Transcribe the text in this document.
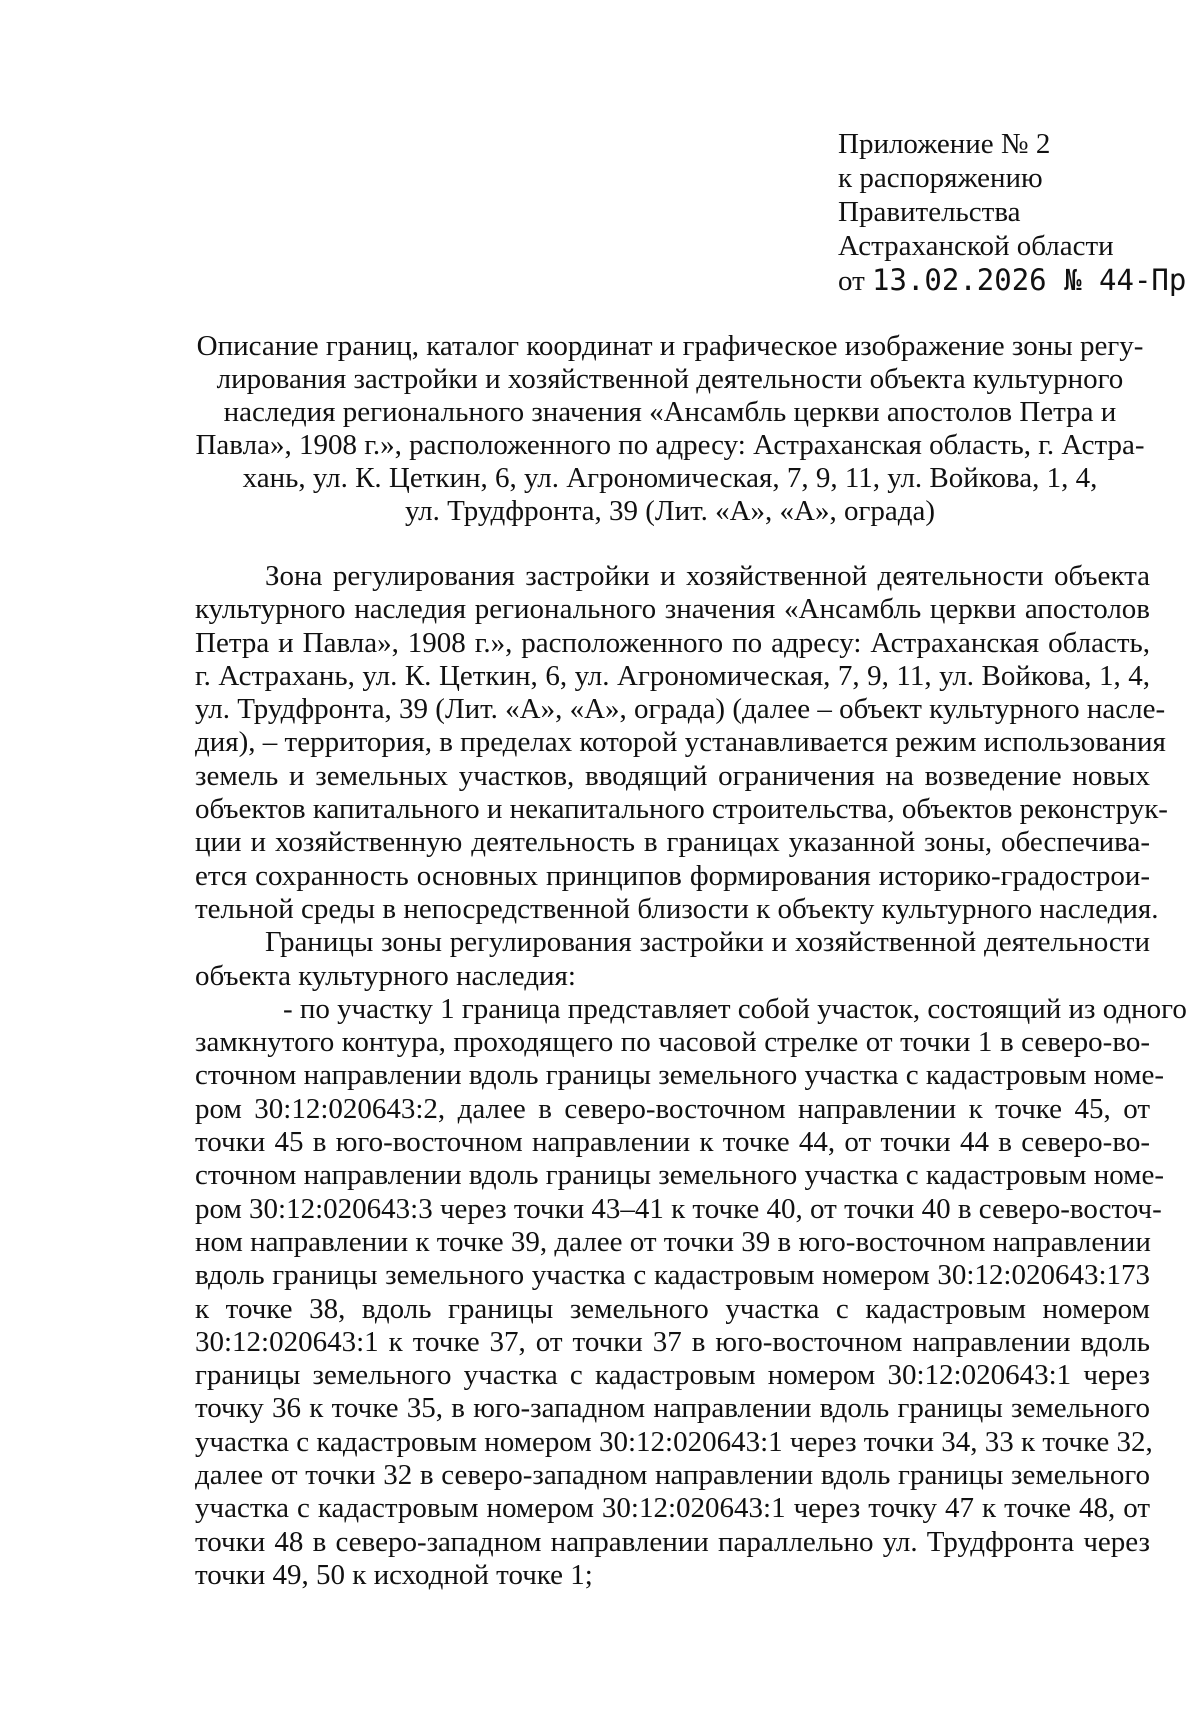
Приложение № 2
к распоряжению
Правительства
Астраханской области
от 13.02.2026 № 44-Пр
Описание границ, каталог координат и графическое изображение зоны регу-
лирования застройки и хозяйственной деятельности объекта культурного
наследия регионального значения «Ансамбль церкви апостолов Петра и
Павла», 1908 г.», расположенного по адресу: Астраханская область, г. Астра-
хань, ул. К. Цеткин, 6, ул. Агрономическая, 7, 9, 11, ул. Войкова, 1, 4,
ул. Трудфронта, 39 (Лит. «А», «А», ограда)
Зона регулирования застройки и хозяйственной деятельности объекта
культурного наследия регионального значения «Ансамбль церкви апостолов
Петра и Павла», 1908 г.», расположенного по адресу: Астраханская область,
г. Астрахань, ул. К. Цеткин, 6, ул. Агрономическая, 7, 9, 11, ул. Войкова, 1, 4,
ул. Трудфронта, 39 (Лит. «А», «А», ограда) (далее – объект культурного насле-
дия), – территория, в пределах которой устанавливается режим использования
земель и земельных участков, вводящий ограничения на возведение новых
объектов капитального и некапитального строительства, объектов реконструк-
ции и хозяйственную деятельность в границах указанной зоны, обеспечива-
ется сохранность основных принципов формирования историко-градострои-
тельной среды в непосредственной близости к объекту культурного наследия.
Границы зоны регулирования застройки и хозяйственной деятельности
объекта культурного наследия:
- по участку 1 граница представляет собой участок, состоящий из одного
замкнутого контура, проходящего по часовой стрелке от точки 1 в северо-во-
сточном направлении вдоль границы земельного участка с кадастровым номе-
ром 30:12:020643:2, далее в северо-восточном направлении к точке 45, от
точки 45 в юго-восточном направлении к точке 44, от точки 44 в северо-во-
сточном направлении вдоль границы земельного участка с кадастровым номе-
ром 30:12:020643:3 через точки 43–41 к точке 40, от точки 40 в северо-восточ-
ном направлении к точке 39, далее от точки 39 в юго-восточном направлении
вдоль границы земельного участка с кадастровым номером 30:12:020643:173
к точке 38, вдоль границы земельного участка с кадастровым номером
30:12:020643:1 к точке 37, от точки 37 в юго-восточном направлении вдоль
границы земельного участка с кадастровым номером 30:12:020643:1 через
точку 36 к точке 35, в юго-западном направлении вдоль границы земельного
участка с кадастровым номером 30:12:020643:1 через точки 34, 33 к точке 32,
далее от точки 32 в северо-западном направлении вдоль границы земельного
участка с кадастровым номером 30:12:020643:1 через точку 47 к точке 48, от
точки 48 в северо-западном направлении параллельно ул. Трудфронта через
точки 49, 50 к исходной точке 1;
